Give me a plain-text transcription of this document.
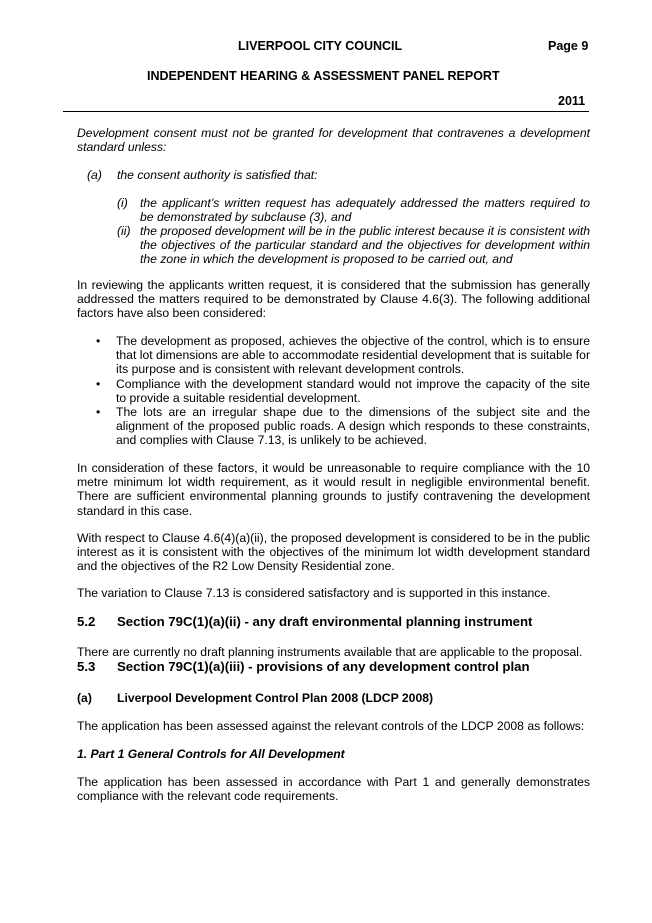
LIVERPOOL CITY COUNCIL	Page 9
INDEPENDENT HEARING & ASSESSMENT PANEL REPORT
2011

Development consent must not be granted for development that contravenes a development standard unless:

(a) the consent authority is satisfied that:
(i) the applicant’s written request has adequately addressed the matters required to be demonstrated by subclause (3), and
(ii) the proposed development will be in the public interest because it is consistent with the objectives of the particular standard and the objectives for development within the zone in which the development is proposed to be carried out, and

In reviewing the applicants written request, it is considered that the submission has generally addressed the matters required to be demonstrated by Clause 4.6(3). The following additional factors have also been considered:

• The development as proposed, achieves the objective of the control, which is to ensure that lot dimensions are able to accommodate residential development that is suitable for its purpose and is consistent with relevant development controls.
• Compliance with the development standard would not improve the capacity of the site to provide a suitable residential development.
• The lots are an irregular shape due to the dimensions of the subject site and the alignment of the proposed public roads. A design which responds to these constraints, and complies with Clause 7.13, is unlikely to be achieved.

In consideration of these factors, it would be unreasonable to require compliance with the 10 metre minimum lot width requirement, as it would result in negligible environmental benefit. There are sufficient environmental planning grounds to justify contravening the development standard in this case.

With respect to Clause 4.6(4)(a)(ii), the proposed development is considered to be in the public interest as it is consistent with the objectives of the minimum lot width development standard and the objectives of the R2 Low Density Residential zone.

The variation to Clause 7.13 is considered satisfactory and is supported in this instance.

5.2 Section 79C(1)(a)(ii) - any draft environmental planning instrument

There are currently no draft planning instruments available that are applicable to the proposal.

5.3 Section 79C(1)(a)(iii) - provisions of any development control plan
(a) Liverpool Development Control Plan 2008 (LDCP 2008)

The application has been assessed against the relevant controls of the LDCP 2008 as follows:

1. Part 1 General Controls for All Development

The application has been assessed in accordance with Part 1 and generally demonstrates compliance with the relevant code requirements.
